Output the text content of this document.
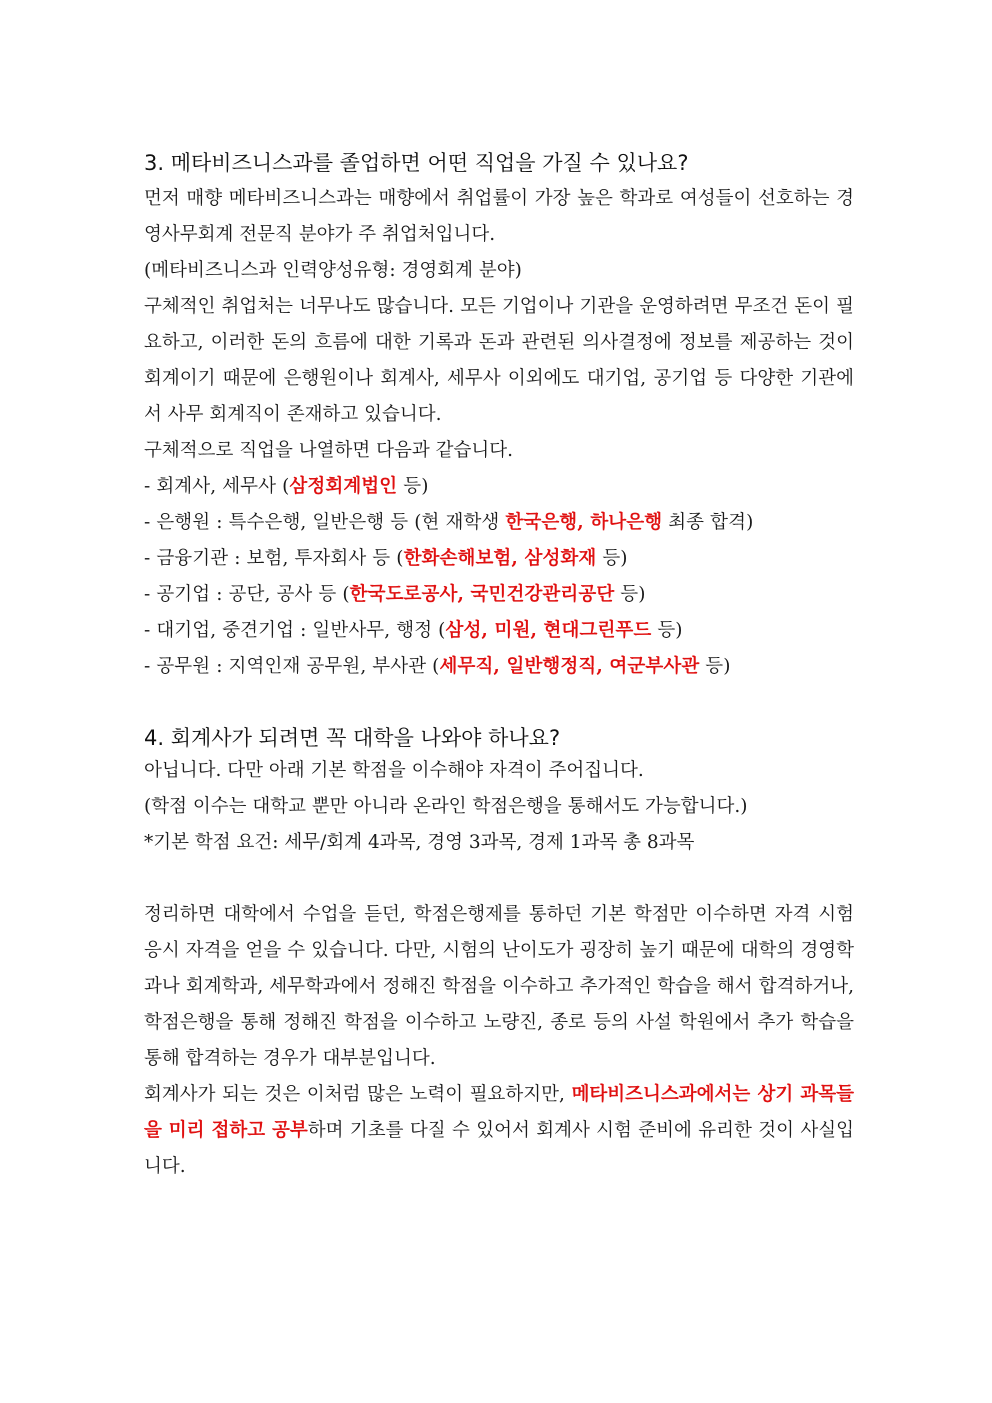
3. 메타비즈니스과를 졸업하면 어떤 직업을 가질 수 있나요?

먼저 매향 메타비즈니스과는 매향에서 취업률이 가장 높은 학과로 여성들이 선호하는 경영사무회계 전문직 분야가 주 취업처입니다.

(메타비즈니스과 인력양성유형: 경영회계 분야)

구체적인 취업처는 너무나도 많습니다. 모든 기업이나 기관을 운영하려면 무조건 돈이 필요하고, 이러한 돈의 흐름에 대한 기록과 돈과 관련된 의사결정에 정보를 제공하는 것이 회계이기 때문에 은행원이나 회계사, 세무사 이외에도 대기업, 공기업 등 다양한 기관에서 사무 회계직이 존재하고 있습니다.

구체적으로 직업을 나열하면 다음과 같습니다.

- 회계사, 세무사 (삼정회계법인 등)

- 은행원 : 특수은행, 일반은행 등 (현 재학생 한국은행, 하나은행 최종 합격)

- 금융기관 : 보험, 투자회사 등 (한화손해보험, 삼성화재 등)

- 공기업 : 공단, 공사 등 (한국도로공사, 국민건강관리공단 등)

- 대기업, 중견기업 : 일반사무, 행정 (삼성, 미원, 현대그린푸드 등)

- 공무원 : 지역인재 공무원, 부사관 (세무직, 일반행정직, 여군부사관 등)

4. 회계사가 되려면 꼭 대학을 나와야 하나요?

아닙니다. 다만 아래 기본 학점을 이수해야 자격이 주어집니다.

(학점 이수는 대학교 뿐만 아니라 온라인 학점은행을 통해서도 가능합니다.)

*기본 학점 요건: 세무/회계 4과목, 경영 3과목, 경제 1과목 총 8과목

정리하면 대학에서 수업을 듣던, 학점은행제를 통하던 기본 학점만 이수하면 자격 시험 응시 자격을 얻을 수 있습니다. 다만, 시험의 난이도가 굉장히 높기 때문에 대학의 경영학과나 회계학과, 세무학과에서 정해진 학점을 이수하고 추가적인 학습을 해서 합격하거나, 학점은행을 통해 정해진 학점을 이수하고 노량진, 종로 등의 사설 학원에서 추가 학습을 통해 합격하는 경우가 대부분입니다.

회계사가 되는 것은 이처럼 많은 노력이 필요하지만, 메타비즈니스과에서는 상기 과목들을 미리 접하고 공부하며 기초를 다질 수 있어서 회계사 시험 준비에 유리한 것이 사실입니다.
